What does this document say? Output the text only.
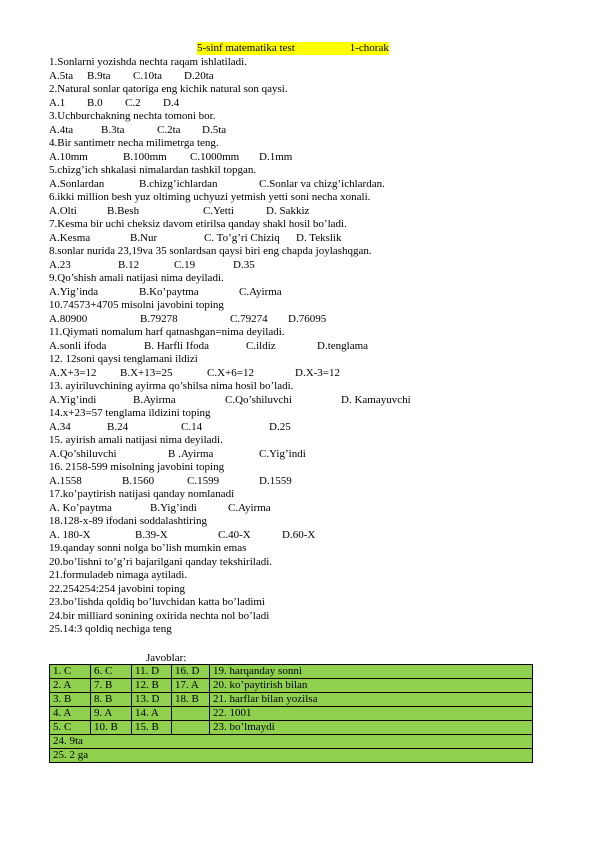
5-sinf matematika test                    1-chorak
1.Sonlarni yozishda nechta raqam ishlatiladi.
A.5ta B.9ta C.10ta D.20ta
2.Natural sonlar qatoriga eng kichik natural son qaysi.
A.1 B.0 C.2 D.4
3.Uchburchakning nechta tomoni bor.
A.4ta	B.3ta	C.2ta D.5ta
4.Bir santimetr necha milimetrga teng.
A.10mm	B.100mm C.1000mm D.1mm
5.chizg’ich shkalasi nimalardan tashkil topgan.
A.Sonlardan	B.chizg’ichlardan	C.Sonlar va chizg’ichlardan.
6.ikki million besh yuz oltiming uchyuzi yetmish yetti soni necha xonali.
A.Olti	B.Besh	C.Yetti	D. Sakkiz
7.Kesma bir uchi cheksiz davom etirilsa qanday shakl hosil bo’ladi.
A.Kesma	B.Nur	C. To’g’ri Chiziq D. Tekslik
8.sonlar nurida 23,19va 35 sonlardsan qaysi biri eng chapda joylashqgan.
A.23	B.12	C.19	D.35
9.Qo’shish amali natijasi nima deyiladi.
A.Yig’inda	B.Ko’paytma	C.Ayirma
10.74573+4705 misolni javobini toping
A.80900	B.79278	C.79274 D.76095
11.Qiymati nomalum harf qatnashgan=nima deyiladi.
A.sonli ifoda	B. Harfli Ifoda	C.ildiz	D.tenglama
12. 12soni qaysi tenglamani ildizi
A.X+3=12 B.X+13=25	C.X+6=12	D.X-3=12
13. ayiriluvchining ayirma qo’shilsa nima hosil bo’ladi.
A.Yig’indi	B.Ayirma	C.Qo’shiluvchi	D. Kamayuvchi
14.x+23=57 tenglama ildizini toping
A.34	B.24	C.14	D.25
15. ayirish amali natijasi nima deyiladi.
A.Qo’shiluvchi	B .Ayirma	C.Yig’indi
16. 2158-599 misolning javobini toping
A.1558	B.1560	C.1599	D.1559
17.ko’paytirish natijasi qanday nomlanadi
A. Ko’paytma	B.Yig’indi	C.Ayirma
18.128-x-89 ifodani soddalashtiring
A. 180-X	B.39-X	C.40-X	D.60-X
19.qanday sonni nolga bo’lish mumkin emas
20.bo’lishni to’g’ri bajarilgani qanday tekshiriladi.
21.formuladeb nimaga aytiladi.
22.254254:254 javobini toping
23.bo’lishda qoldiq bo’luvchidan katta bo’ladimi
24.bir milliard sonining oxirida nechta nol bo’ladi
25.14:3 qoldiq nechiga teng
Javoblar:
1. C	6. C	11. D	16. D	19. harqanday sonni
2. A	7. B	12. B	17. A	20. ko’paytirish bilan
3. B	8. B	13. D	18. B	21. harflar bilan yozilsa
4. A	9. A	14. A		22. 1001
5. C	10. B	15. B		23. bo’lmaydi
24. 9ta				
25. 2 ga				
